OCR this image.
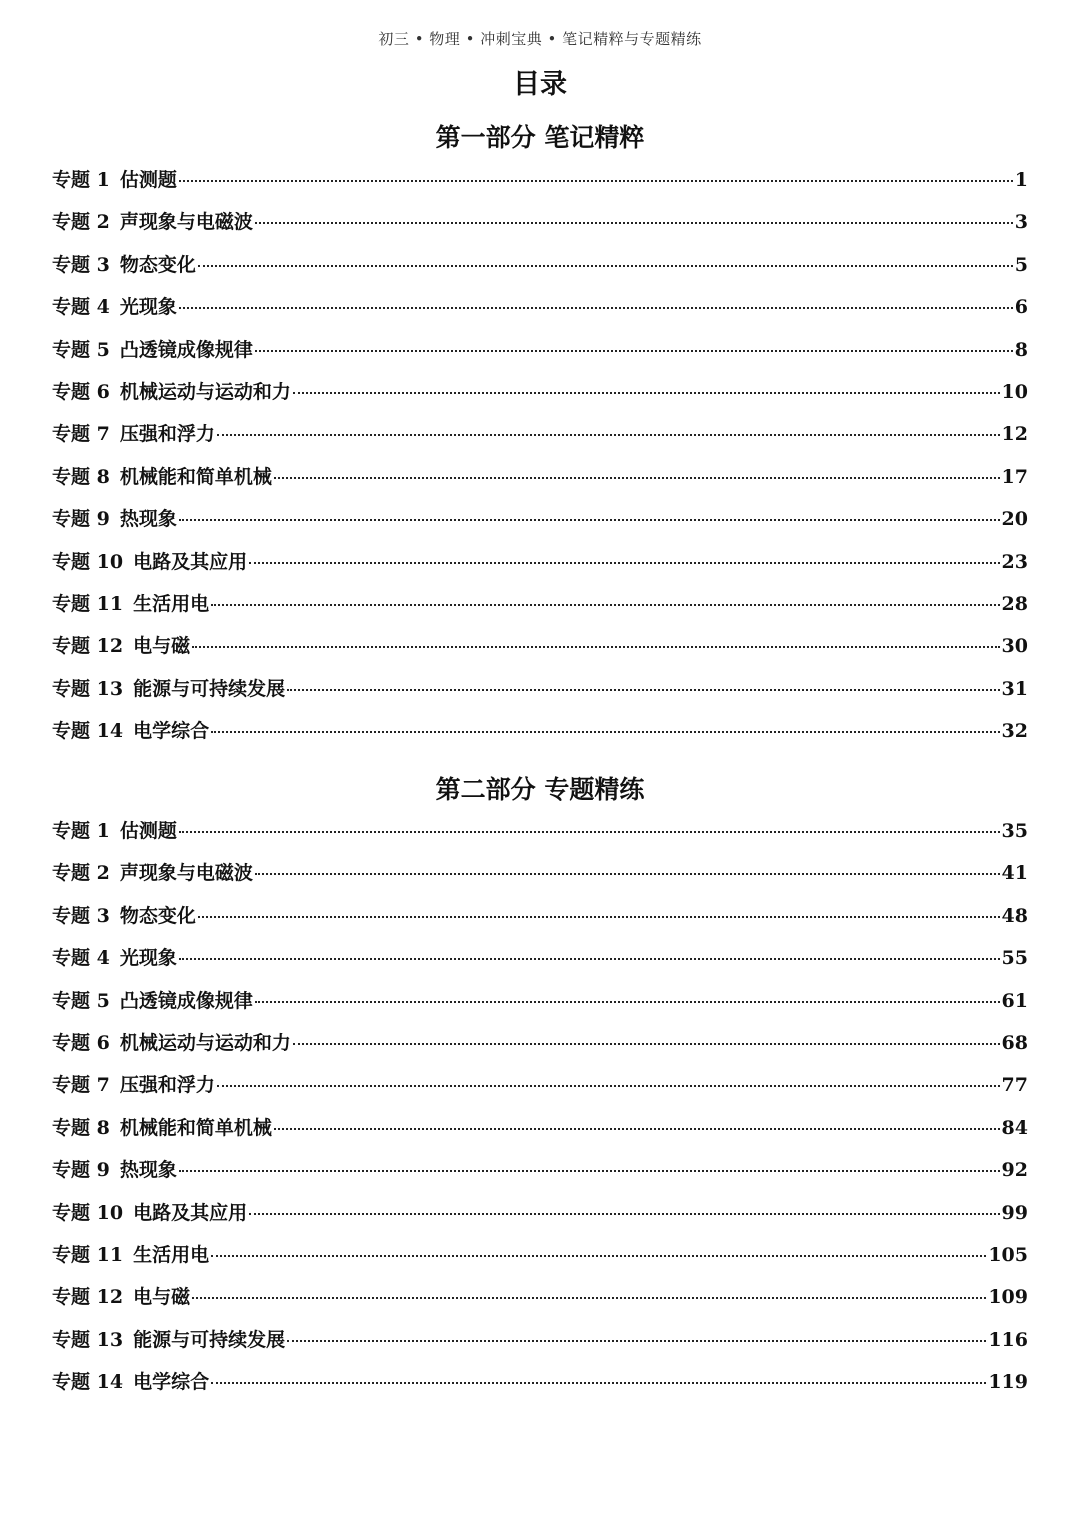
初三 • 物理 • 冲刺宝典 • 笔记精粹与专题精练
目录
第一部分 笔记精粹
专题 1 估测题	1
专题 2 声现象与电磁波	3
专题 3 物态变化	5
专题 4 光现象	6
专题 5 凸透镜成像规律	8
专题 6 机械运动与运动和力	10
专题 7 压强和浮力	12
专题 8 机械能和简单机械	17
专题 9 热现象	20
专题 10 电路及其应用	23
专题 11 生活用电	28
专题 12 电与磁	30
专题 13 能源与可持续发展	31
专题 14 电学综合	32
第二部分 专题精练
专题 1 估测题	35
专题 2 声现象与电磁波	41
专题 3 物态变化	48
专题 4 光现象	55
专题 5 凸透镜成像规律	61
专题 6 机械运动与运动和力	68
专题 7 压强和浮力	77
专题 8 机械能和简单机械	84
专题 9 热现象	92
专题 10 电路及其应用	99
专题 11 生活用电	105
专题 12 电与磁	109
专题 13 能源与可持续发展	116
专题 14 电学综合	119
